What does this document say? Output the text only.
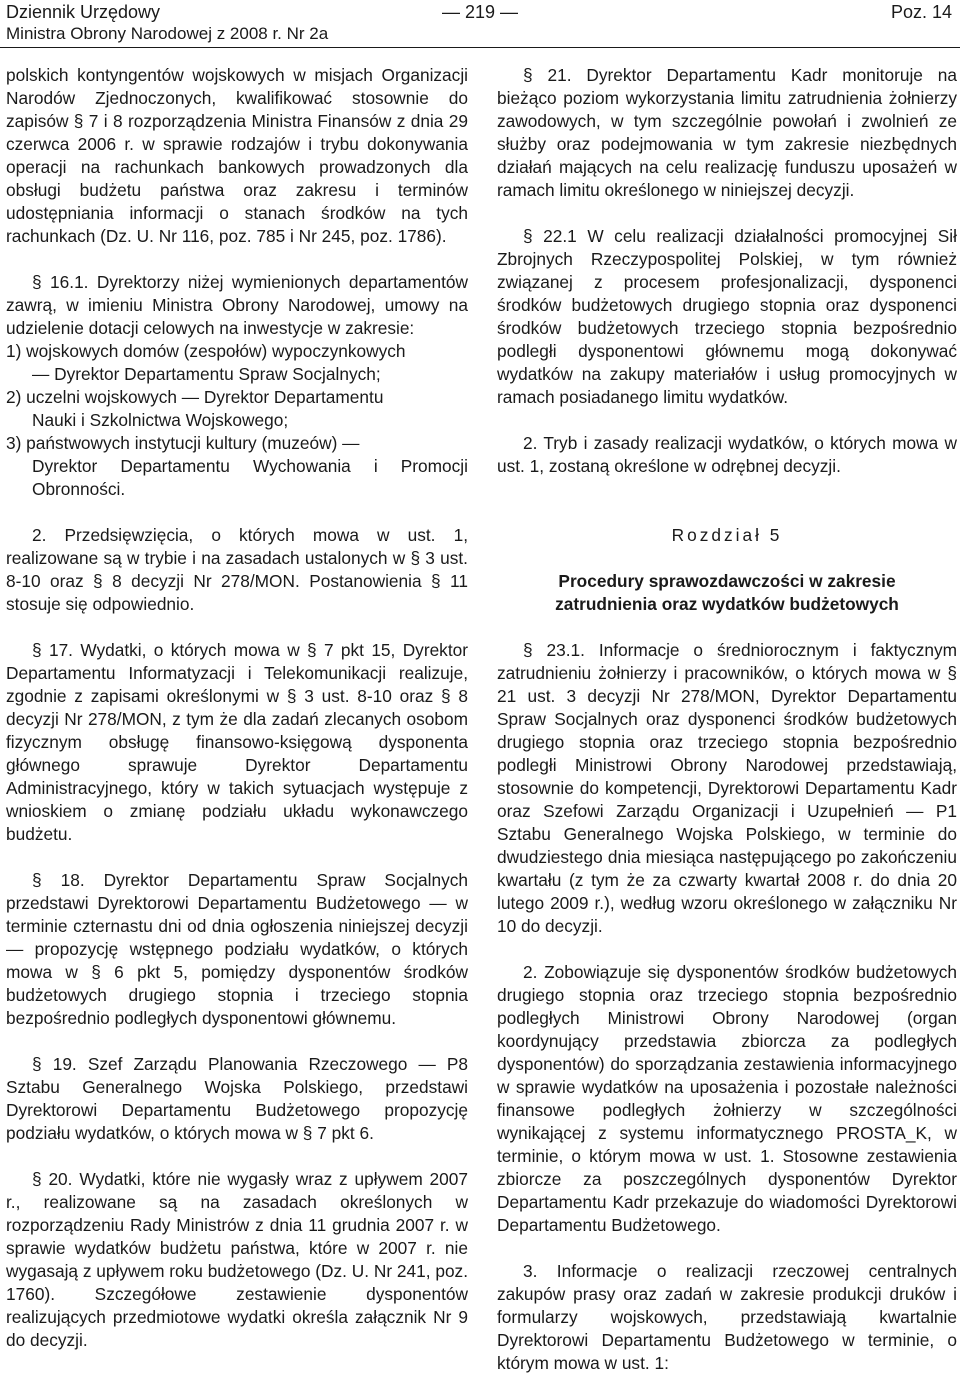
Dziennik Urzędowy
Ministra Obrony Narodowej z 2008 r. Nr 2a
— 219 —	Poz. 14

polskich kontyngentów wojskowych w misjach Organizacji Narodów Zjednoczonych, kwalifikować stosownie do zapisów § 7 i 8 rozporządzenia Ministra Finansów z dnia 29 czerwca 2006 r. w sprawie rodzajów i trybu dokonywania operacji na rachunkach bankowych prowadzonych dla obsługi budżetu państwa oraz zakresu i terminów udostępniania informacji o stanach środków na tych rachunkach (Dz. U. Nr 116, poz. 785 i Nr 245, poz. 1786).

§ 16.1. Dyrektorzy niżej wymienionych departamentów zawrą, w imieniu Ministra Obrony Narodowej, umowy na udzielenie dotacji celowych na inwestycje w zakresie:

1) wojskowych domów (zespołów) wypoczynkowych

— Dyrektor Departamentu Spraw Socjalnych;

2) uczelni wojskowych — Dyrektor Departamentu

Nauki i Szkolnictwa Wojskowego;

3) państwowych instytucji kultury (muzeów) —

Dyrektor Departamentu Wychowania i Promocji Obronności.

2. Przedsięwzięcia, o których mowa w ust. 1, realizowane są w trybie i na zasadach ustalonych w § 3 ust. 8-10 oraz § 8 decyzji Nr 278/MON. Postanowienia § 11 stosuje się odpowiednio.

§ 17. Wydatki, o których mowa w § 7 pkt 15, Dyrektor Departamentu Informatyzacji i Telekomunikacji realizuje, zgodnie z zapisami określonymi w § 3 ust. 8-10 oraz § 8 decyzji Nr 278/MON, z tym że dla zadań zlecanych osobom fizycznym obsługę finansowo-księgową dysponenta głównego sprawuje Dyrektor Departamentu Administracyjnego, który w takich sytuacjach występuje z wnioskiem o zmianę podziału układu wykonawczego budżetu.

§ 18. Dyrektor Departamentu Spraw Socjalnych przedstawi Dyrektorowi Departamentu Budżetowego — w terminie czternastu dni od dnia ogłoszenia niniejszej decyzji — propozycję wstępnego podziału wydatków, o których mowa w § 6 pkt 5, pomiędzy dysponentów środków budżetowych drugiego stopnia i trzeciego stopnia bezpośrednio podległych dysponentowi głównemu.

§ 19. Szef Zarządu Planowania Rzeczowego — P8 Sztabu Generalnego Wojska Polskiego, przedstawi Dyrektorowi Departamentu Budżetowego propozycję podziału wydatków, o których mowa w § 7 pkt 6.

§ 20. Wydatki, które nie wygasły wraz z upływem 2007 r., realizowane są na zasadach określonych w rozporządzeniu Rady Ministrów z dnia 11 grudnia 2007 r. w sprawie wydatków budżetu państwa, które w 2007 r. nie wygasają z upływem roku budżetowego (Dz. U. Nr 241, poz. 1760). Szczegółowe zestawienie dysponentów realizujących przedmiotowe wydatki określa załącznik Nr 9 do decyzji.

§ 21. Dyrektor Departamentu Kadr monitoruje na bieżąco poziom wykorzystania limitu zatrudnienia żołnierzy zawodowych, w tym szczególnie powołań i zwolnień ze służby oraz podejmowania w tym zakresie niezbędnych działań mających na celu realizację funduszu uposażeń w ramach limitu określonego w niniejszej decyzji.

§ 22.1 W celu realizacji działalności promocyjnej Sił Zbrojnych Rzeczypospolitej Polskiej, w tym również związanej z procesem profesjonalizacji, dysponenci środków budżetowych drugiego stopnia oraz dysponenci środków budżetowych trzeciego stopnia bezpośrednio podległi dysponentowi głównemu mogą dokonywać wydatków na zakupy materiałów i usług promocyjnych w ramach posiadanego limitu wydatków.

2. Tryb i zasady realizacji wydatków, o których mowa w ust. 1, zostaną określone w odrębnej decyzji.

Rozdział 5

Procedury sprawozdawczości w zakresie

zatrudnienia oraz wydatków budżetowych

§ 23.1. Informacje o średniorocznym i faktycznym zatrudnieniu żołnierzy i pracowników, o których mowa w § 21 ust. 3 decyzji Nr 278/MON, Dyrektor Departamentu Spraw Socjalnych oraz dysponenci środków budżetowych drugiego stopnia oraz trzeciego stopnia bezpośrednio podległi Ministrowi Obrony Narodowej przedstawiają, stosownie do kompetencji, Dyrektorowi Departamentu Kadr oraz Szefowi Zarządu Organizacji i Uzupełnień — P1 Sztabu Generalnego Wojska Polskiego, w terminie do dwudziestego dnia miesiąca następującego po zakończeniu kwartału (z tym że za czwarty kwartał 2008 r. do dnia 20 lutego 2009 r.), według wzoru określonego w załączniku Nr 10 do decyzji.

2. Zobowiązuje się dysponentów środków budżetowych drugiego stopnia oraz trzeciego stopnia bezpośrednio podległych Ministrowi Obrony Narodowej (organ koordynujący przedstawia zbiorcza za podległych dysponentów) do sporządzania zestawienia informacyjnego w sprawie wydatków na uposażenia i pozostałe należności finansowe podległych żołnierzy w szczególności wynikającej z systemu informatycznego PROSTA_K, w terminie, o którym mowa w ust. 1. Stosowne zestawienia zbiorcze za poszczególnych dysponentów Dyrektor Departamentu Kadr przekazuje do wiadomości Dyrektorowi Departamentu Budżetowego.

3. Informacje o realizacji rzeczowej centralnych zakupów prasy oraz zadań w zakresie produkcji druków i formularzy wojskowych, przedstawiają kwartalnie Dyrektorowi Departamentu Budżetowego w terminie, o którym mowa w ust. 1:
